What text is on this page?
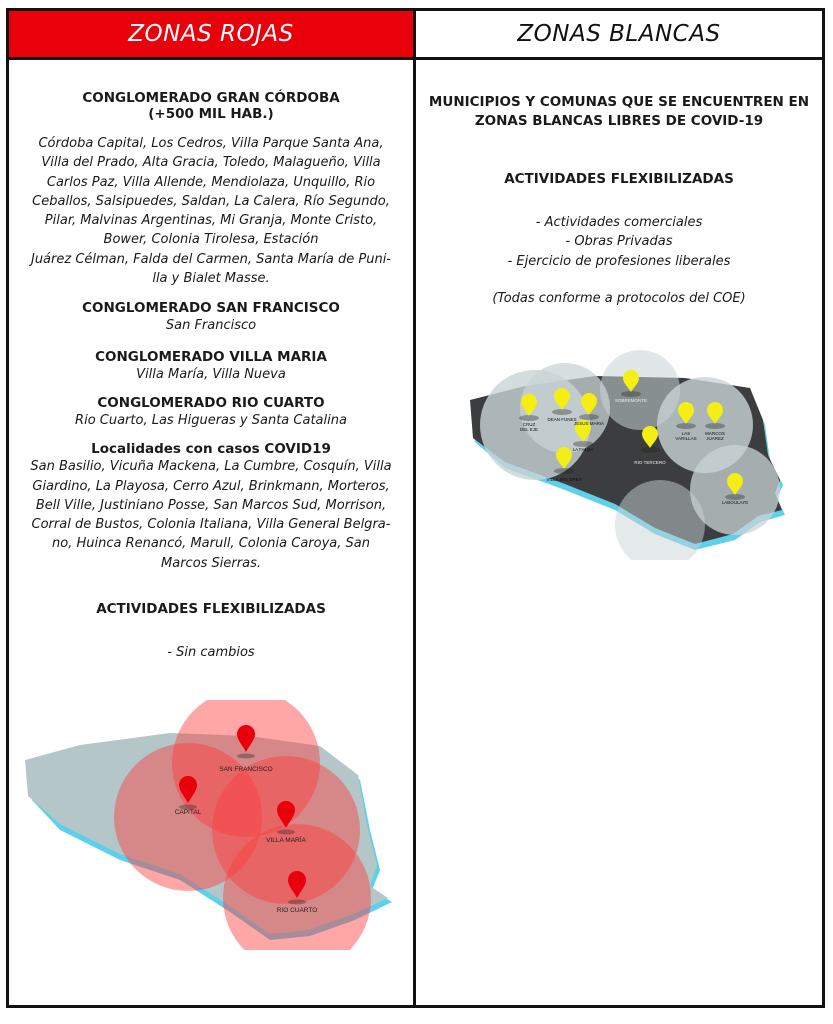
ZONAS ROJAS	ZONAS BLANCAS
CONGLOMERADO GRAN CÓRDOBA
(+500 MIL HAB.)
Córdoba Capital, Los Cedros, Villa Parque Santa Ana,
Villa del Prado, Alta Gracia, Toledo, Malagueño, Villa
Carlos Paz, Villa Allende, Mendiolaza, Unquillo, Rio
Ceballos, Salsipuedes, Saldan, La Calera, Río Segundo,
Pilar, Malvinas Argentinas, Mi Granja, Monte Cristo,
Bower, Colonia Tirolesa, Estación
Juárez Célman, Falda del Carmen, Santa María de Puni-
lla y Bialet Masse.
CONGLOMERADO SAN FRANCISCO
San Francisco
CONGLOMERADO VILLA MARIA
Villa María, Villa Nueva
CONGLOMERADO RIO CUARTO
Rio Cuarto, Las Higueras y Santa Catalina
Localidades con casos COVID19
San Basilio, Vicuña Mackena, La Cumbre, Cosquín, Villa
Giardino, La Playosa, Cerro Azul, Brinkmann, Morteros,
Bell Ville, Justiniano Posse, San Marcos Sud, Morrison,
Corral de Bustos, Colonia Italiana, Villa General Belgra-
no, Huinca Renancó, Marull, Colonia Caroya, San
Marcos Sierras.
ACTIVIDADES FLEXIBILIZADAS
- Sin cambios
MUNICIPIOS Y COMUNAS QUE SE ENCUENTREN EN
ZONAS BLANCAS LIBRES DE COVID-19
ACTIVIDADES FLEXIBILIZADAS
- Actividades comerciales
- Obras Privadas
- Ejercicio de profesiones liberales
(Todas conforme a protocolos del COE)
SAN FRANCISCO
CAPITAL
VILLA MARÍA
RIO CUARTO
CRUZ
DEL EJE
DEAN FUNES
JESUS MARIA
SOBREMONTE
LA FALDA
RIO TERCERO
VILLA DOLORES
LAS
VARILLAS
MARCOS
JUAREZ
LABOULAYE
